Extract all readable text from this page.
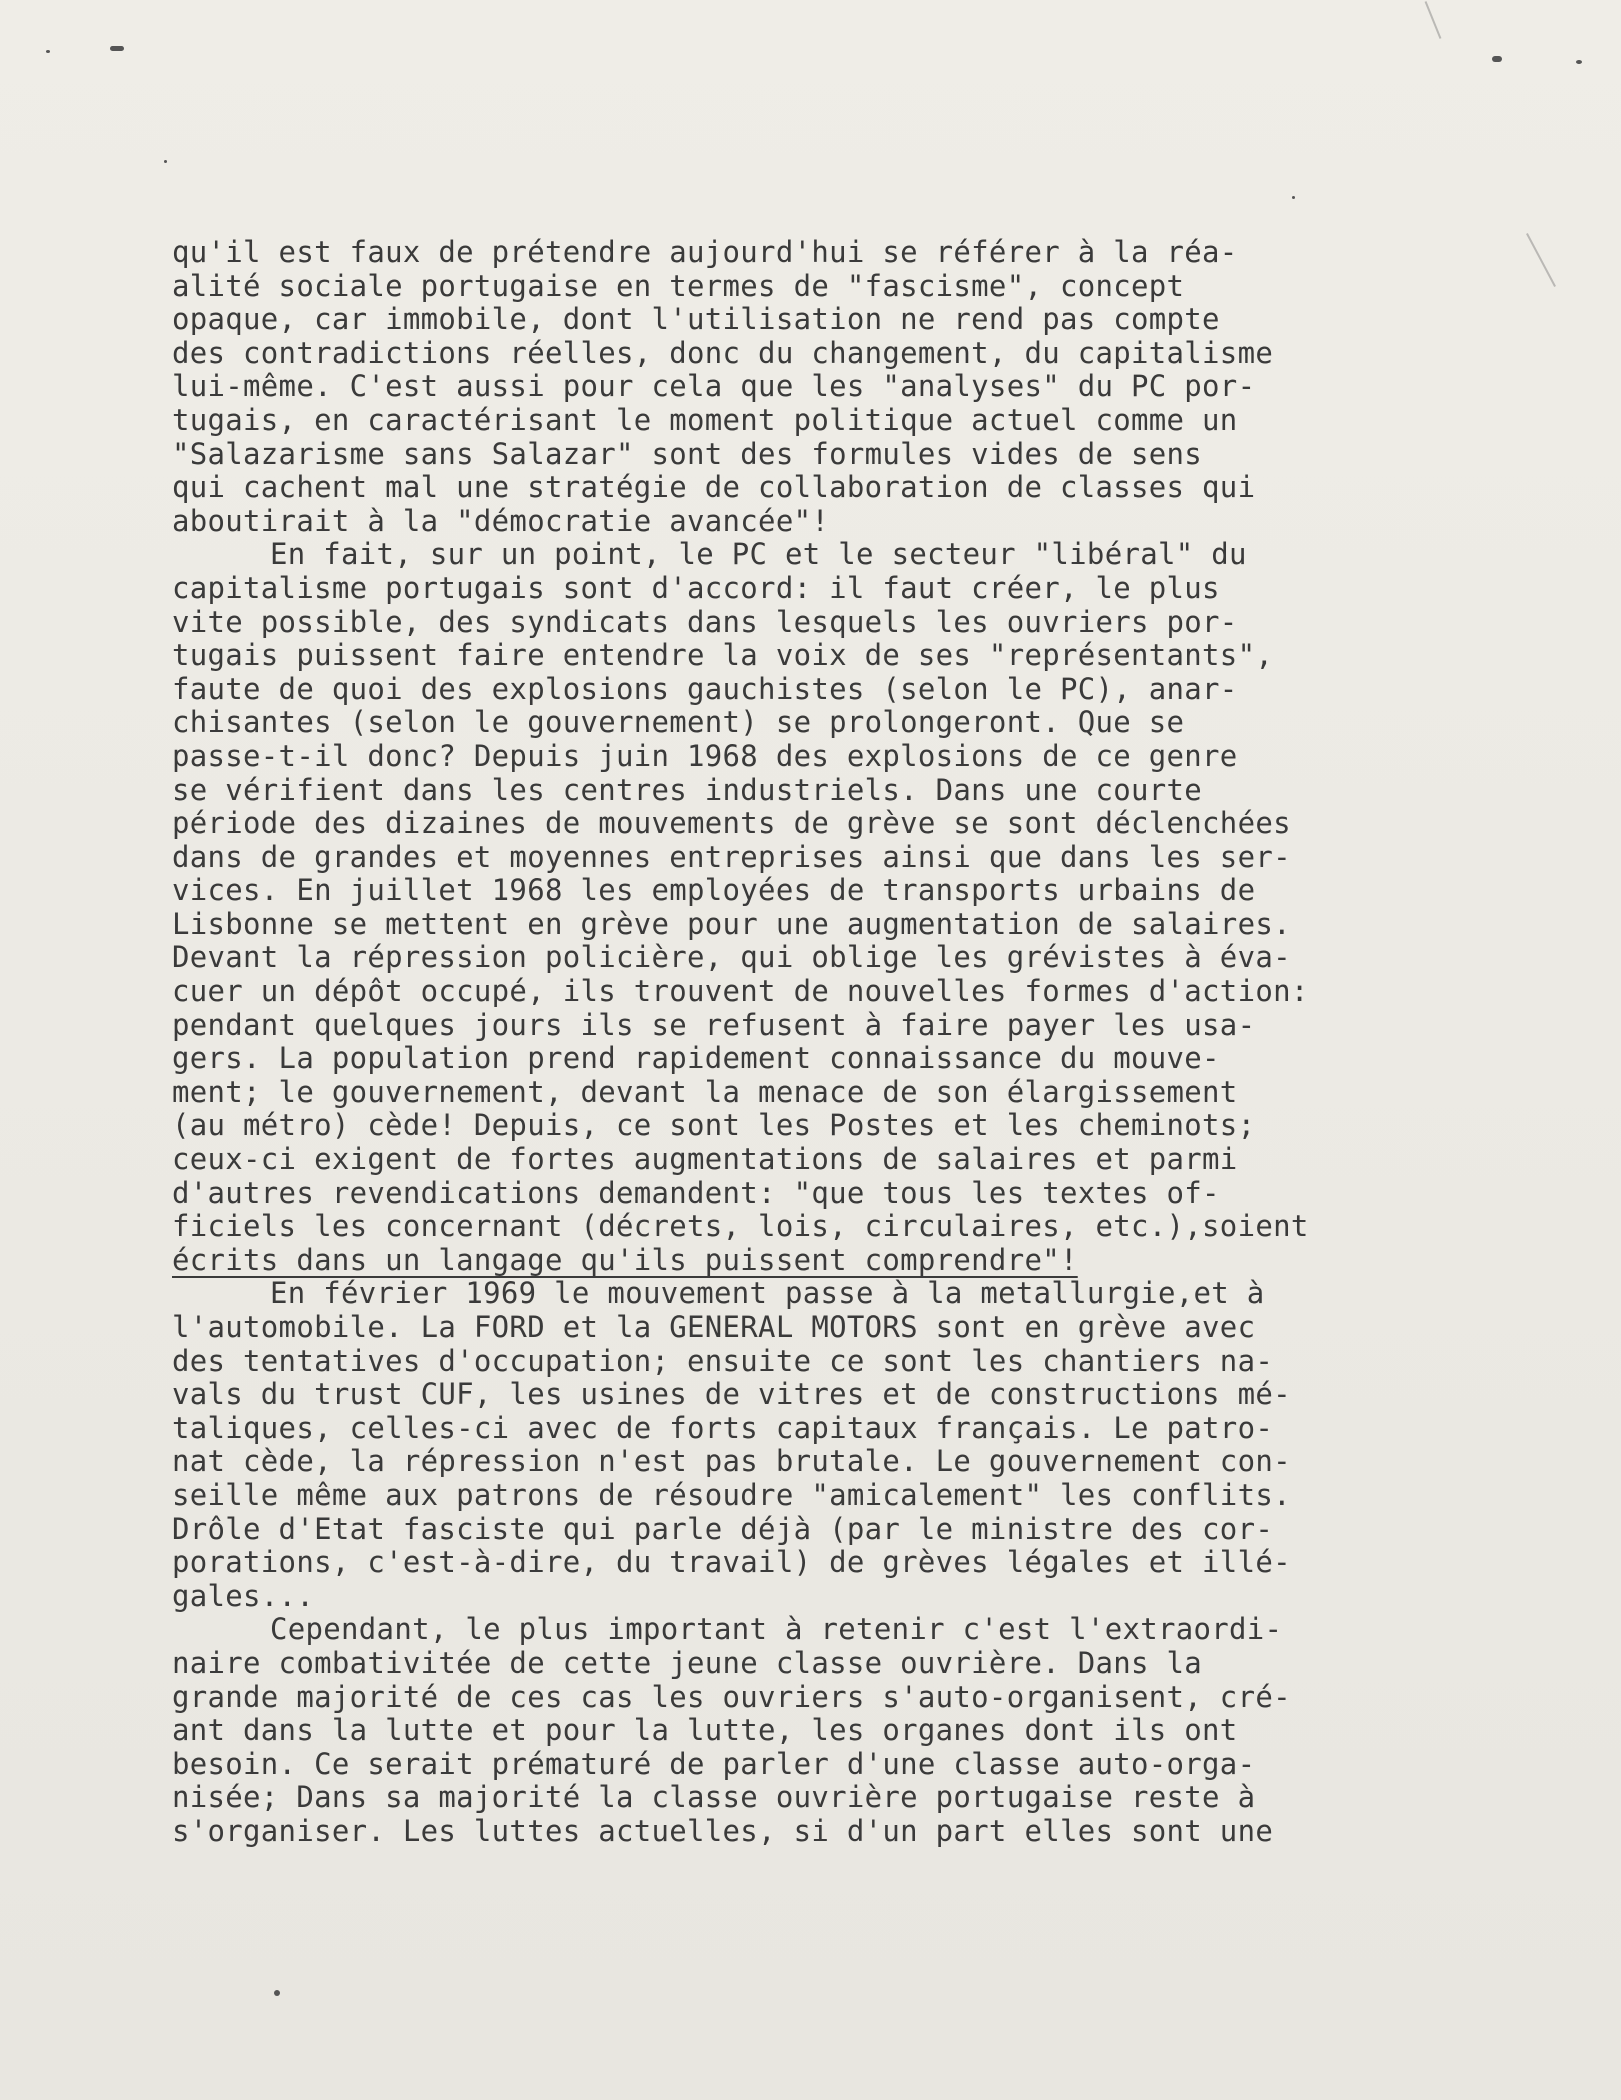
qu'il est faux de prétendre aujourd'hui se référer à la réa-
alité sociale portugaise en termes de "fascisme", concept
opaque, car immobile, dont l'utilisation ne rend pas compte
des contradictions réelles, donc du changement, du capitalisme
lui-même. C'est aussi pour cela que les "analyses" du PC por-
tugais, en caractérisant le moment politique actuel comme un
"Salazarisme sans Salazar" sont des formules vides de sens
qui cachent mal une stratégie de collaboration de classes qui
aboutirait à la "démocratie avancée"!
En fait, sur un point, le PC et le secteur "libéral" du
capitalisme portugais sont d'accord: il faut créer, le plus
vite possible, des syndicats dans lesquels les ouvriers por-
tugais puissent faire entendre la voix de ses "représentants",
faute de quoi des explosions gauchistes (selon le PC), anar-
chisantes (selon le gouvernement) se prolongeront. Que se
passe-t-il donc? Depuis juin 1968 des explosions de ce genre
se vérifient dans les centres industriels. Dans une courte
période des dizaines de mouvements de grève se sont déclenchées
dans de grandes et moyennes entreprises ainsi que dans les ser-
vices. En juillet 1968 les employées de transports urbains de
Lisbonne se mettent en grève pour une augmentation de salaires.
Devant la répression policière, qui oblige les grévistes à éva-
cuer un dépôt occupé, ils trouvent de nouvelles formes d'action:
pendant quelques jours ils se refusent à faire payer les usa-
gers. La population prend rapidement connaissance du mouve-
ment; le gouvernement, devant la menace de son élargissement
(au métro) cède! Depuis, ce sont les Postes et les cheminots;
ceux-ci exigent de fortes augmentations de salaires et parmi
d'autres revendications demandent: "que tous les textes of-
ficiels les concernant (décrets, lois, circulaires, etc.),soient
écrits dans un langage qu'ils puissent comprendre"!
En février 1969 le mouvement passe à la metallurgie,et à
l'automobile. La FORD et la GENERAL MOTORS sont en grève avec
des tentatives d'occupation; ensuite ce sont les chantiers na-
vals du trust CUF, les usines de vitres et de constructions mé-
taliques, celles-ci avec de forts capitaux français. Le patro-
nat cède, la répression n'est pas brutale. Le gouvernement con-
seille même aux patrons de résoudre "amicalement" les conflits.
Drôle d'Etat fasciste qui parle déjà (par le ministre des cor-
porations, c'est-à-dire, du travail) de grèves légales et illé-
gales...
Cependant, le plus important à retenir c'est l'extraordi-
naire combativitée de cette jeune classe ouvrière. Dans la
grande majorité de ces cas les ouvriers s'auto-organisent, cré-
ant dans la lutte et pour la lutte, les organes dont ils ont
besoin. Ce serait prématuré de parler d'une classe auto-orga-
nisée; Dans sa majorité la classe ouvrière portugaise reste à
s'organiser. Les luttes actuelles, si d'un part elles sont une
